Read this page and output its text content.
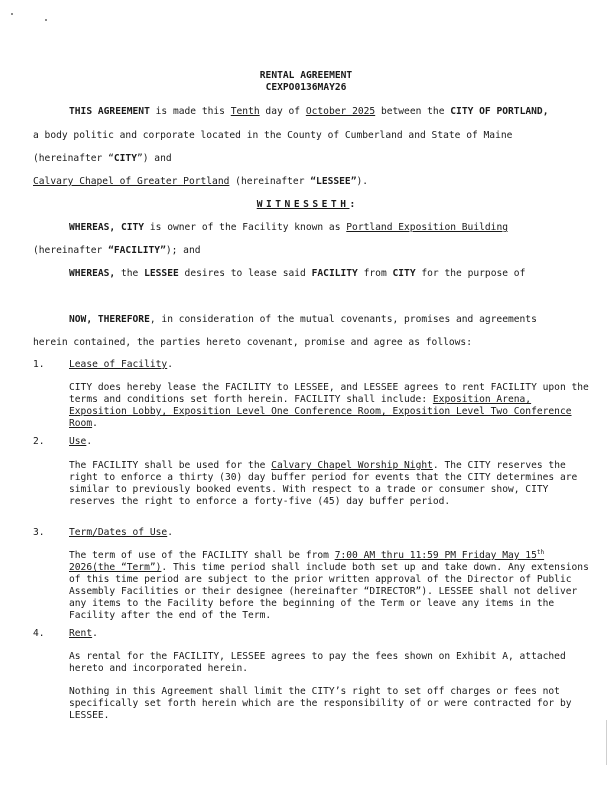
RENTAL AGREEMENT
CEXPO0136MAY26
THIS AGREEMENT is made this Tenth day of October 2025 between the CITY OF PORTLAND,
a body politic and corporate located in the County of Cumberland and State of Maine
(hereinafter “CITY”) and
Calvary Chapel of Greater Portland (hereinafter “LESSEE”).
WITNESSETH:
WHEREAS, CITY is owner of the Facility known as Portland Exposition Building
(hereinafter “FACILITY”); and
WHEREAS, the LESSEE desires to lease said FACILITY from CITY for the purpose of
NOW, THEREFORE, in consideration of the mutual covenants, promises and agreements
herein contained, the parties hereto covenant, promise and agree as follows:
1.	Lease of Facility.

CITY does hereby lease the FACILITY to LESSEE, and LESSEE agrees to rent FACILITY upon the terms and conditions set forth herein. FACILITY shall include: Exposition Arena, Exposition Lobby, Exposition Level One Conference Room, Exposition Level Two Conference Room.

2.	Use.

The FACILITY shall be used for the Calvary Chapel Worship Night. The CITY reserves the right to enforce a thirty (30) day buffer period for events that the CITY determines are similar to previously booked events. With respect to a trade or consumer show, CITY reserves the right to enforce a forty-five (45) day buffer period.

3.	Term/Dates of Use.

The term of use of the FACILITY shall be from 7:00 AM thru 11:59 PM Friday May 15th 2026(the “Term”). This time period shall include both set up and take down. Any extensions of this time period are subject to the prior written approval of the Director of Public Assembly Facilities or their designee (hereinafter “DIRECTOR”). LESSEE shall not deliver any items to the Facility before the beginning of the Term or leave any items in the Facility after the end of the Term.

4.	Rent.

As rental for the FACILITY, LESSEE agrees to pay the fees shown on Exhibit A, attached hereto and incorporated herein.

Nothing in this Agreement shall limit the CITY’s right to set off charges or fees not specifically set forth herein which are the responsibility of or were contracted for by LESSEE.
